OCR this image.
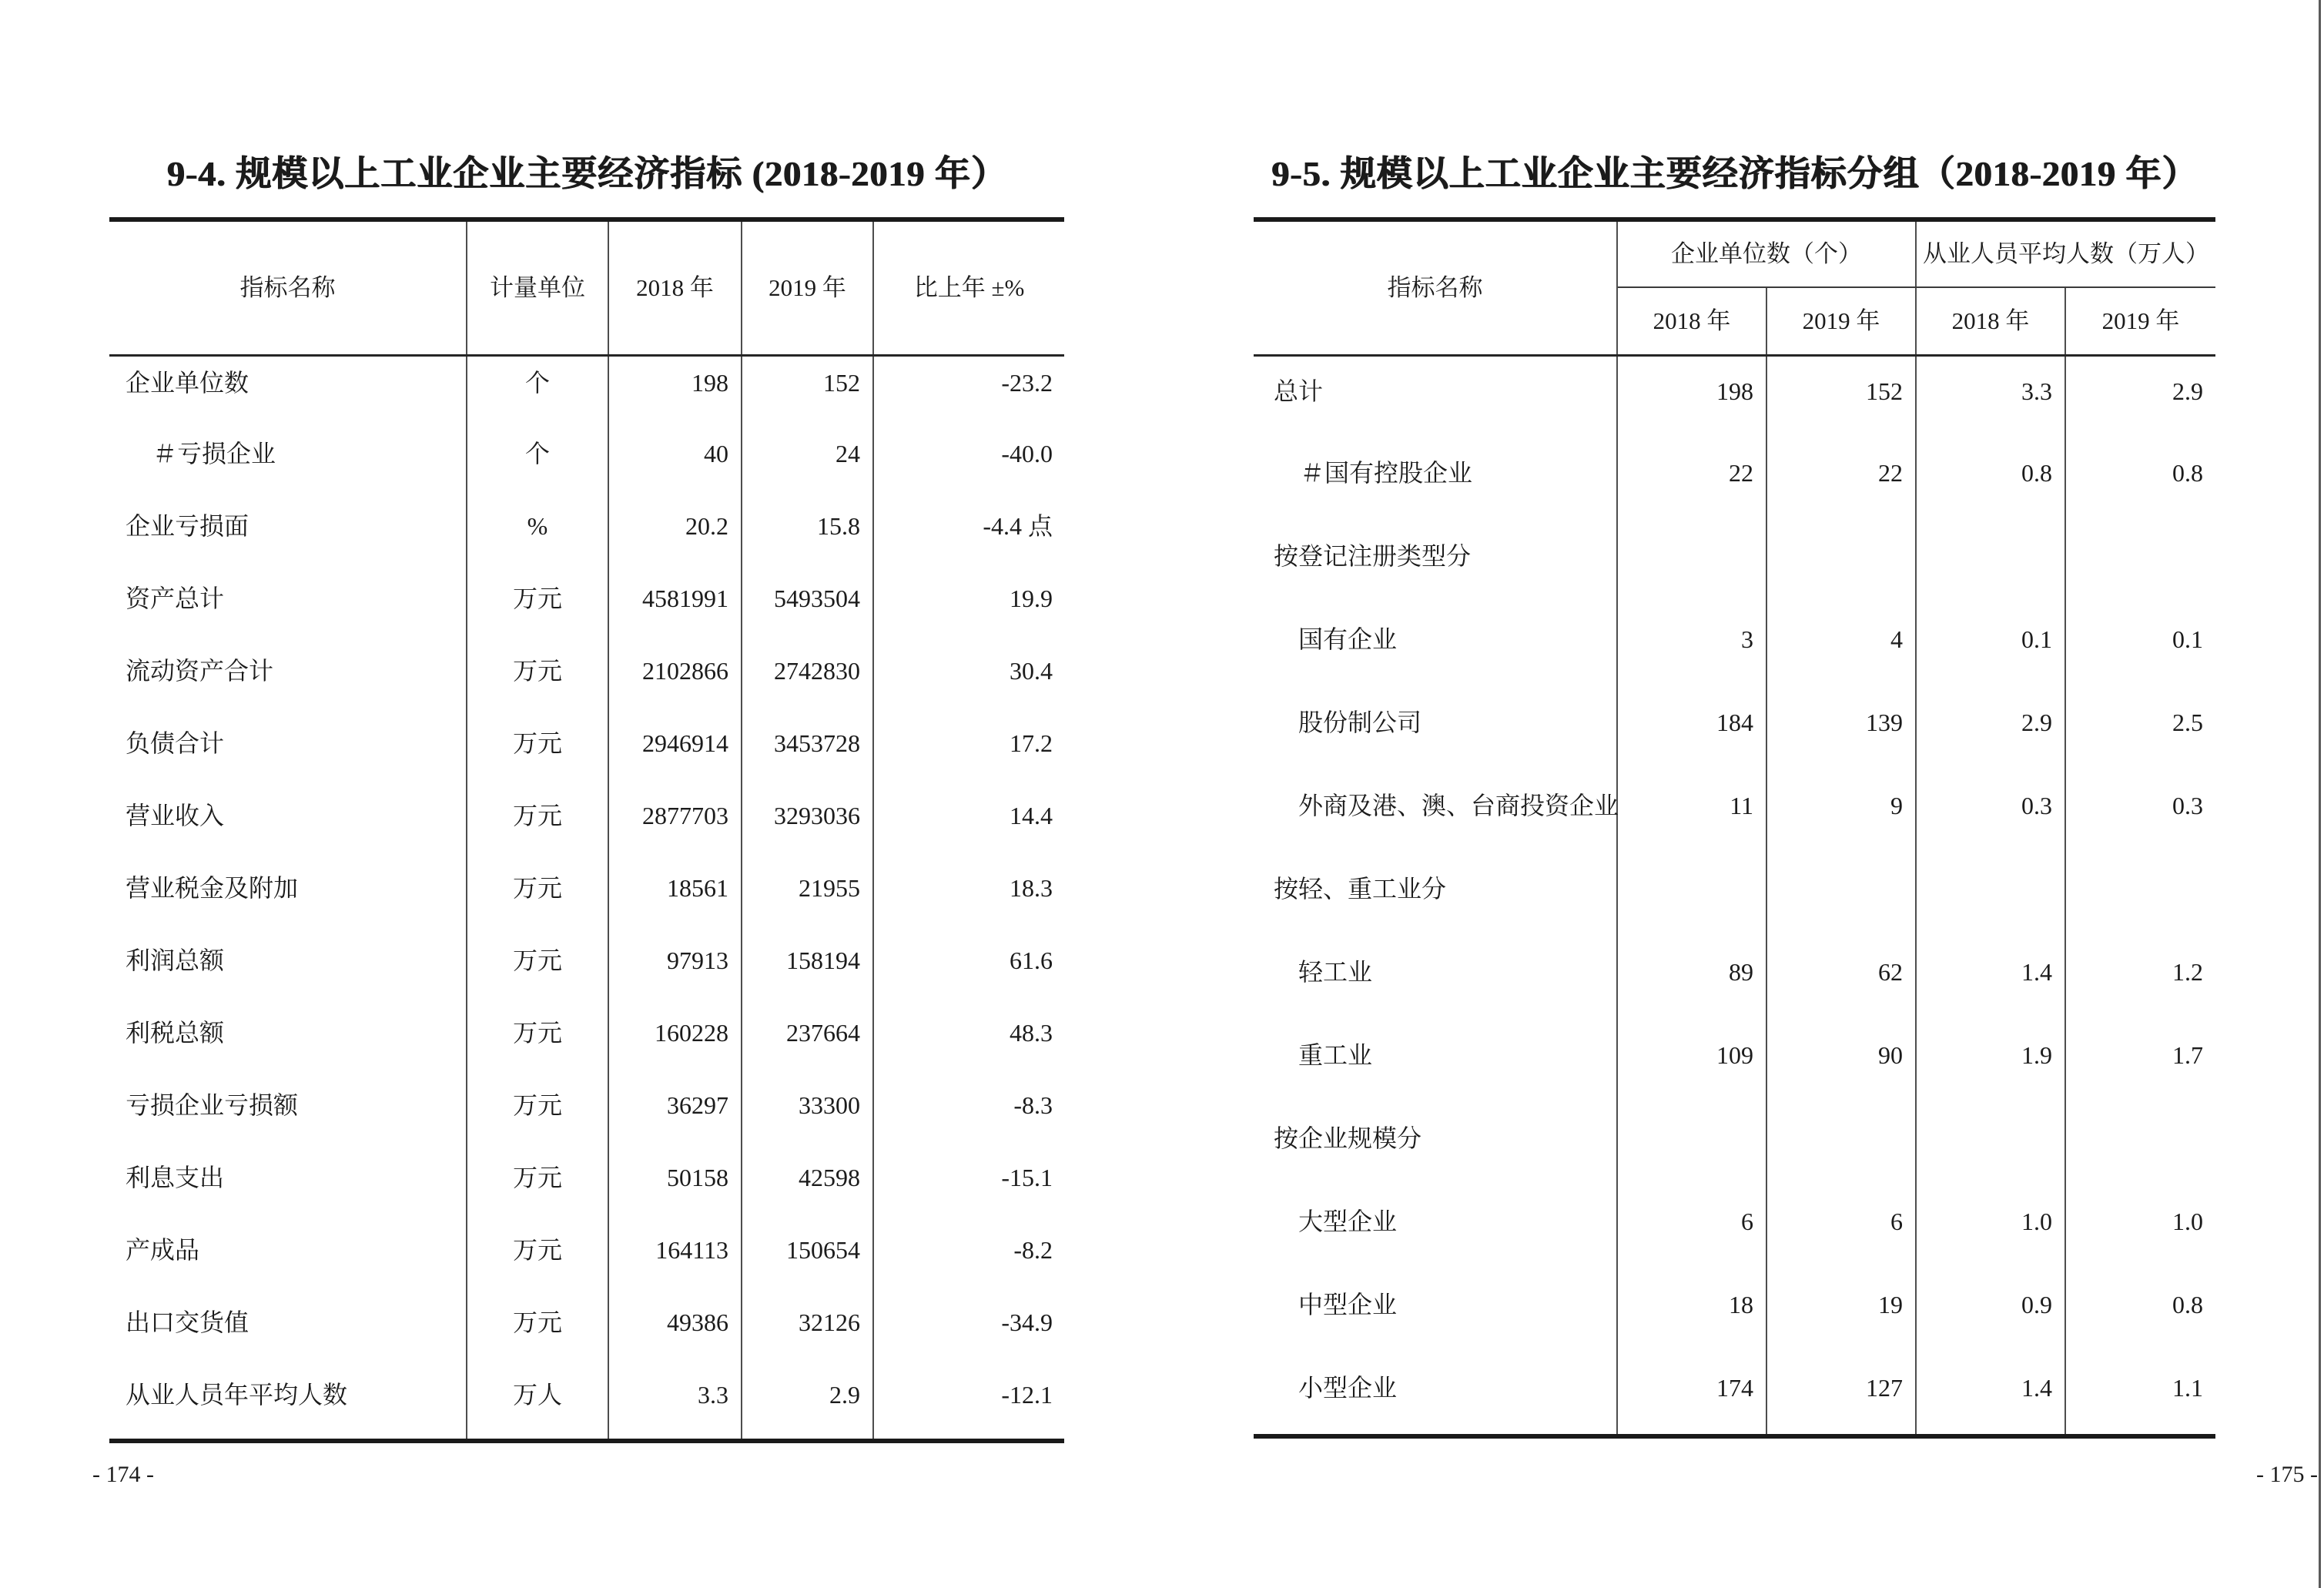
9-4. 规模以上工业企业主要经济指标 (2018-2019 年）
指标名称	计量单位	2018 年	2019 年	比上年 ±%
企业单位数	个	198	152	-23.2
＃亏损企业	个	40	24	-40.0
企业亏损面	%	20.2	15.8	-4.4 点
资产总计	万元	4581991	5493504	19.9
流动资产合计	万元	2102866	2742830	30.4
负债合计	万元	2946914	3453728	17.2
营业收入	万元	2877703	3293036	14.4
营业税金及附加	万元	18561	21955	18.3
利润总额	万元	97913	158194	61.6
利税总额	万元	160228	237664	48.3
亏损企业亏损额	万元	36297	33300	-8.3
利息支出	万元	50158	42598	-15.1
产成品	万元	164113	150654	-8.2
出口交货值	万元	49386	32126	-34.9
从业人员年平均人数	万人	3.3	2.9	-12.1
- 174 -
9-5. 规模以上工业企业主要经济指标分组（2018-2019 年）
指标名称	企业单位数（个）		从业人员平均人数（万人）	
	2018 年	2019 年	2018 年	2019 年
总计	198	152	3.3	2.9
＃国有控股企业	22	22	0.8	0.8
按登记注册类型分				
国有企业	3	4	0.1	0.1
股份制公司	184	139	2.9	2.5
外商及港、澳、台商投资企业	11	9	0.3	0.3
按轻、重工业分				
轻工业	89	62	1.4	1.2
重工业	109	90	1.9	1.7
按企业规模分				
大型企业	6	6	1.0	1.0
中型企业	18	19	0.9	0.8
小型企业	174	127	1.4	1.1
- 175 -
